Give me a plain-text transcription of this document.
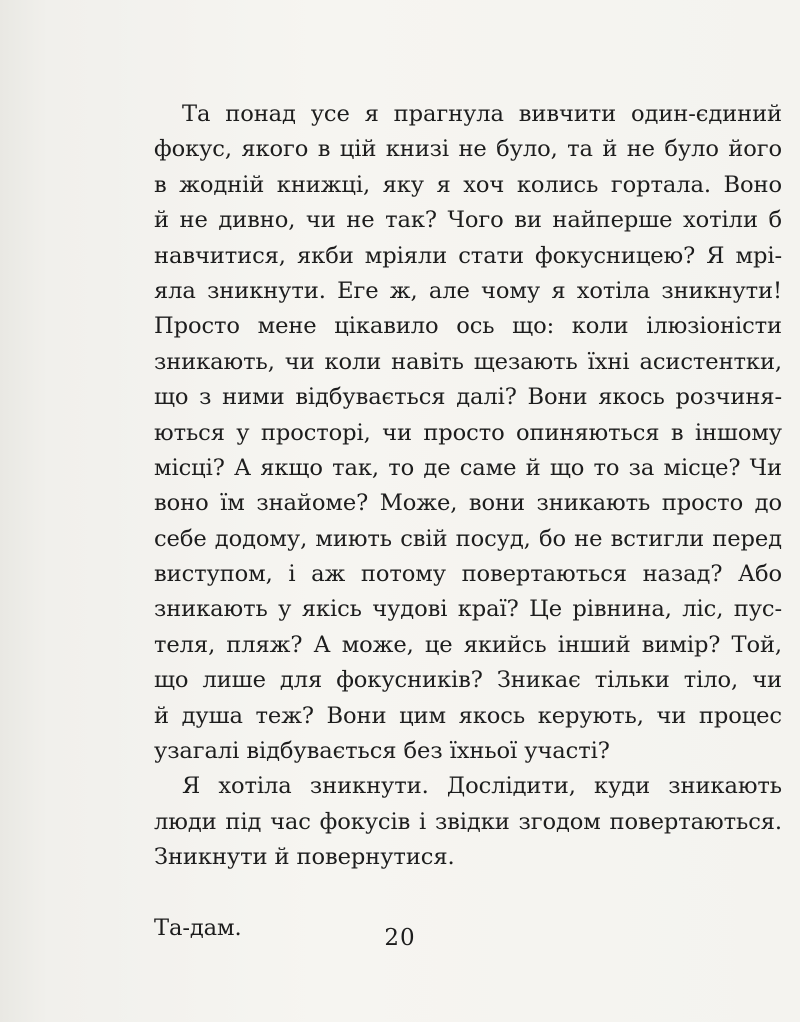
Та понад усе я прагнула вивчити один-єдиний
фокус, якого в цій книзі не було, та й не було його
в жодній книжці, яку я хоч колись гортала. Воно
й не дивно, чи не так? Чого ви найперше хотіли б
навчитися, якби мріяли стати фокусницею? Я мрі-
яла зникнути. Еге ж, але чому я хотіла зникнути!
Просто мене цікавило ось що: коли ілюзіоністи
зникають, чи коли навіть щезають їхні асистентки,
що з ними відбувається далі? Вони якось розчиня-
ються у просторі, чи просто опиняються в іншому
місці? А якщо так, то де саме й що то за місце? Чи
воно їм знайоме? Може, вони зникають просто до
себе додому, миють свій посуд, бо не встигли перед
виступом, і аж потому повертаються назад? Або
зникають у якісь чудові краї? Це рівнина, ліс, пус-
теля, пляж? А може, це якийсь інший вимір? Той,
що лише для фокусників? Зникає тільки тіло, чи
й душа теж? Вони цим якось керують, чи процес
узагалі відбувається без їхньої участі?
Я хотіла зникнути. Дослідити, куди зникають
люди під час фокусів і звідки згодом повертаються.
Зникнути й повернутися.
Та-дам.	20
